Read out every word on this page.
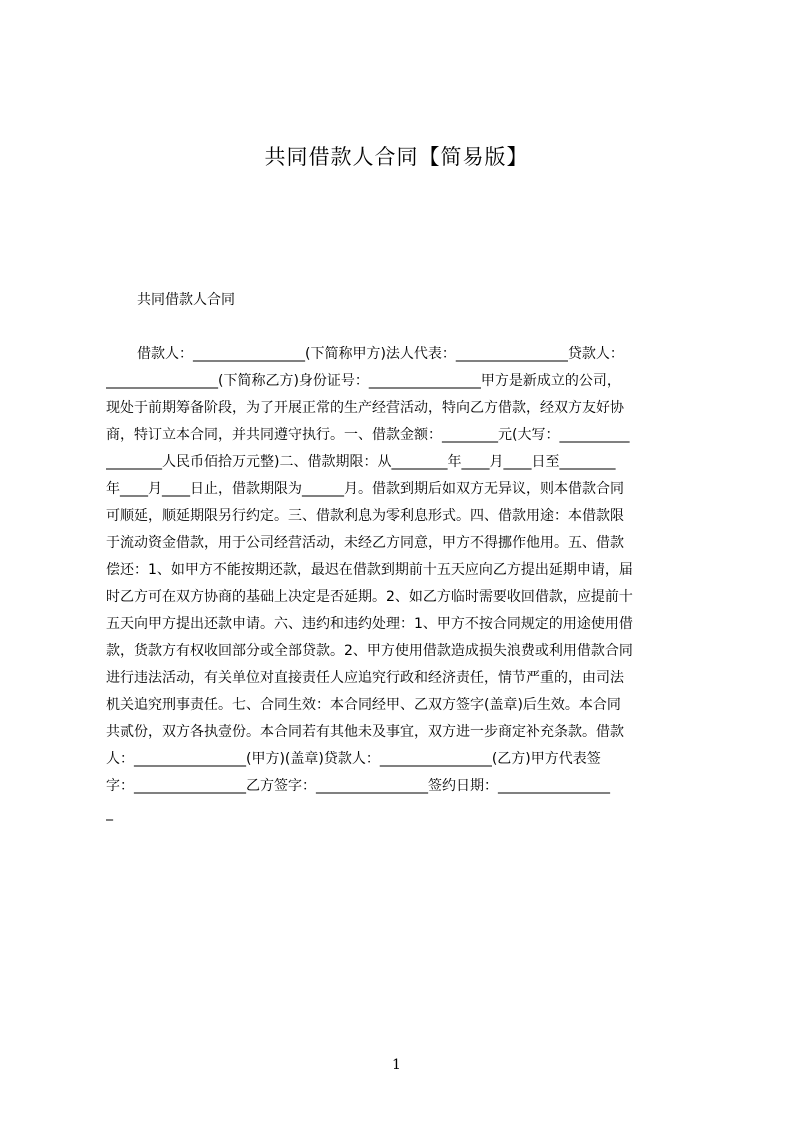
共同借款人合同【简易版】
共同借款人合同
借款人：________________(下简称甲方)法人代表：________________贷款人：
________________(下简称乙方)身份证号：________________甲方是新成立的公司，
现处于前期筹备阶段，为了开展正常的生产经营活动，特向乙方借款，经双方友好协
商，特订立本合同，并共同遵守执行。一、借款金额：________元(大写：__________
________人民币佰拾万元整)二、借款期限：从________年____月____日至________
年____月____日止，借款期限为______月。借款到期后如双方无异议，则本借款合同
可顺延，顺延期限另行约定。三、借款利息为零利息形式。四、借款用途：本借款限
于流动资金借款，用于公司经营活动，未经乙方同意，甲方不得挪作他用。五、借款
偿还：1、如甲方不能按期还款，最迟在借款到期前十五天应向乙方提出延期申请，届
时乙方可在双方协商的基础上决定是否延期。2、如乙方临时需要收回借款，应提前十
五天向甲方提出还款申请。六、违约和违约处理：1、甲方不按合同规定的用途使用借
款，货款方有权收回部分或全部贷款。2、甲方使用借款造成损失浪费或利用借款合同
进行违法活动，有关单位对直接责任人应追究行政和经济责任，情节严重的，由司法
机关追究刑事责任。七、合同生效：本合同经甲、乙双方签字(盖章)后生效。本合同
共贰份，双方各执壹份。本合同若有其他未及事宜，双方进一步商定补充条款。借款
人：________________(甲方)(盖章)贷款人：________________(乙方)甲方代表签
字：________________乙方签字：________________签约日期：________________
_
1
